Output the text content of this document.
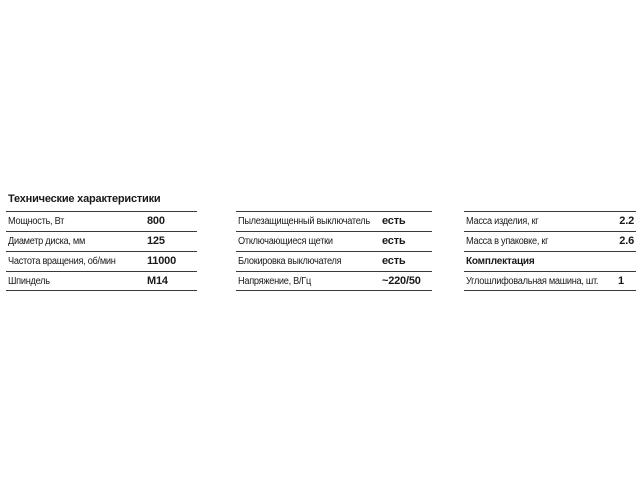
Технические характеристики
Мощность, Вт	800
Диаметр диска, мм	125
Частота вращения, об/мин	11000
Шпиндель	М14
Пылезащищенный выключатель есть
Отключающиеся щетки	есть
Блокировка выключателя	есть
Напряжение, В/Гц	~220/50
Масса изделия, кг	2.2
Масса в упаковке, кг	2.6
Комплектация
Углошлифовальная машина, шт. 1
